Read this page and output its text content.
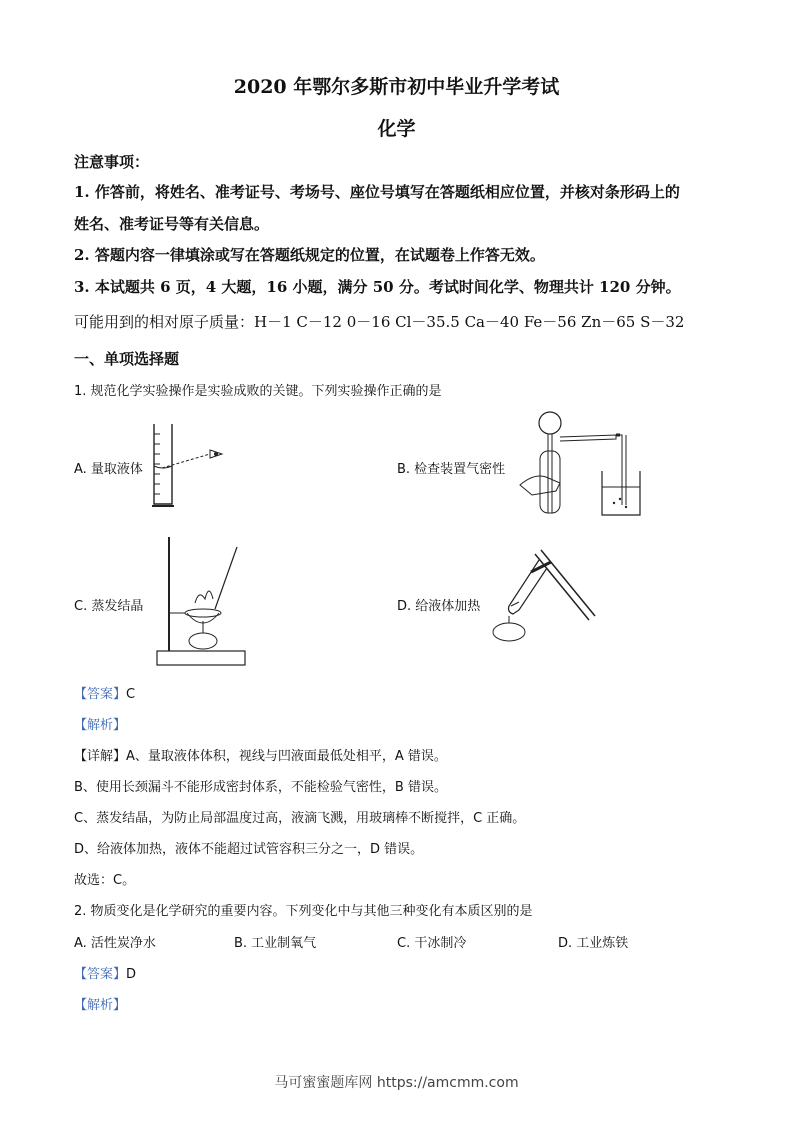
2020 年鄂尔多斯市初中毕业升学考试
化学
注意事项：
1. 作答前，将姓名、准考证号、考场号、座位号填写在答题纸相应位置，并核对条形码上的
姓名、准考证号等有关信息。
2. 答题内容一律填涂或写在答题纸规定的位置，在试题卷上作答无效。
3. 本试题共 6 页，4 大题，16 小题，满分 50 分。考试时间化学、物理共计 120 分钟。
可能用到的相对原子质量：H－1 C－12 0－16 Cl－35.5 Ca－40 Fe－56 Zn－65 S－32
一、单项选择题
1. 规范化学实验操作是实验成败的关键。下列实验操作正确的是
A. 量取液体	B. 检查装置气密性
C. 蒸发结晶	D. 给液体加热
【答案】C
【解析】
【详解】A、量取液体体积，视线与凹液面最低处相平，A 错误。
B、使用长颈漏斗不能形成密封体系，不能检验气密性，B 错误。
C、蒸发结晶，为防止局部温度过高，液滴飞溅，用玻璃棒不断搅拌，C 正确。
D、给液体加热，液体不能超过试管容积三分之一，D 错误。
故选：C。
2. 物质变化是化学研究的重要内容。下列变化中与其他三种变化有本质区别的是
A. 活性炭净水	B. 工业制氧气	C. 干冰制冷	D. 工业炼铁
【答案】D
【解析】
马可蜜蜜题库网 https://amcmm.com
